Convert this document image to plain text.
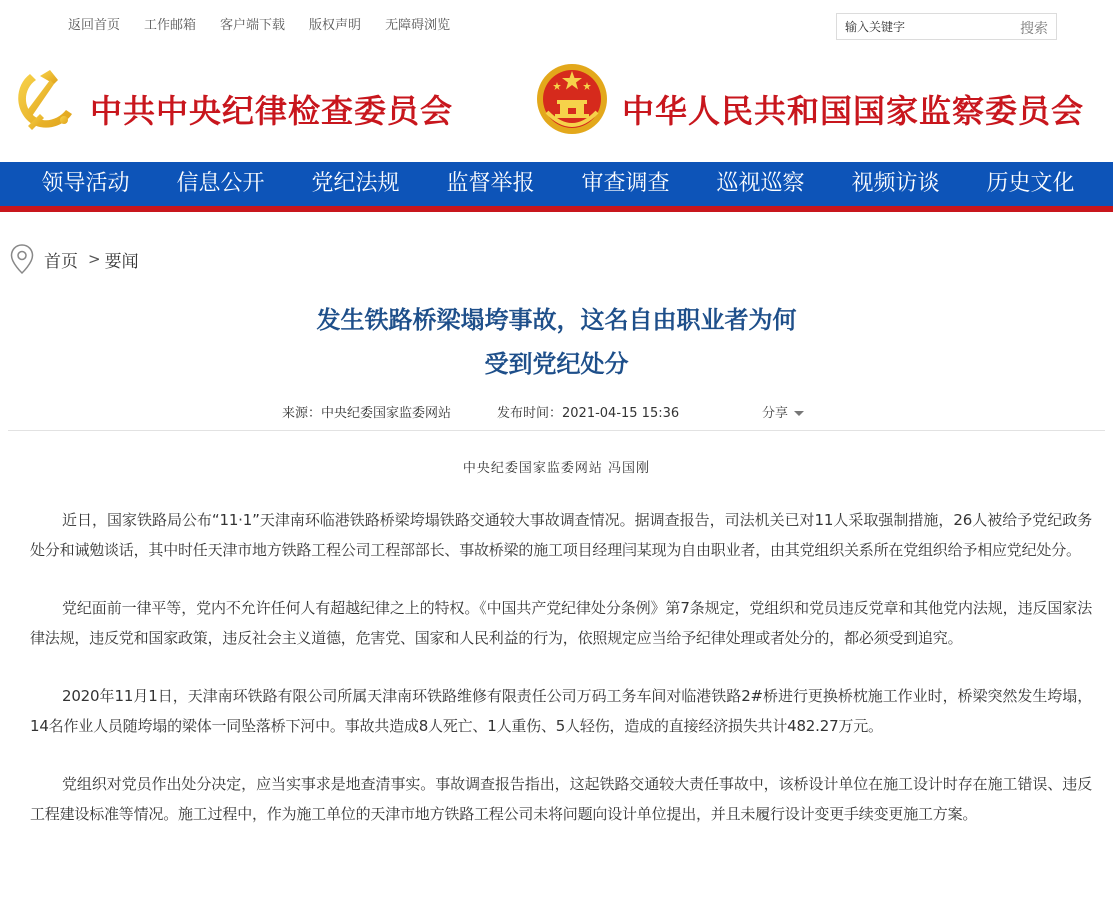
返回首页 工作邮箱 客户端下载 版权声明 无障碍浏览
输入关键字	搜索
中共中央纪律检查委员会	中华人民共和国国家监察委员会
领导活动	信息公开	党纪法规	监督举报	审查调查	巡视巡察	视频访谈	历史文化
首页 > 要闻
发生铁路桥梁塌垮事故，这名自由职业者为何
受到党纪处分
来源：中央纪委国家监委网站	发布时间：2021-04-15 15:36	分享
中央纪委国家监委网站 冯国刚

近日，国家铁路局公布“11·1”天津南环临港铁路桥梁垮塌铁路交通较大事故调查情况。据调查报告，司法机关已对11人采取强制措施，26人被给予党纪政务处分和诫勉谈话，其中时任天津市地方铁路工程公司工程部部长、事故桥梁的施工项目经理闫某现为自由职业者，由其党组织关系所在党组织给予相应党纪处分。

党纪面前一律平等，党内不允许任何人有超越纪律之上的特权。《中国共产党纪律处分条例》第7条规定，党组织和党员违反党章和其他党内法规，违反国家法律法规，违反党和国家政策，违反社会主义道德，危害党、国家和人民利益的行为，依照规定应当给予纪律处理或者处分的，都必须受到追究。

2020年11月1日，天津南环铁路有限公司所属天津南环铁路维修有限责任公司万码工务车间对临港铁路2#桥进行更换桥枕施工作业时，桥梁突然发生垮塌，14名作业人员随垮塌的梁体一同坠落桥下河中。事故共造成8人死亡、1人重伤、5人轻伤，造成的直接经济损失共计482.27万元。

党组织对党员作出处分决定，应当实事求是地查清事实。事故调查报告指出，这起铁路交通较大责任事故中，该桥设计单位在施工设计时存在施工错误、违反工程建设标准等情况。施工过程中，作为施工单位的天津市地方铁路工程公司未将问题向设计单位提出，并且未履行设计变更手续变更施工方案。
